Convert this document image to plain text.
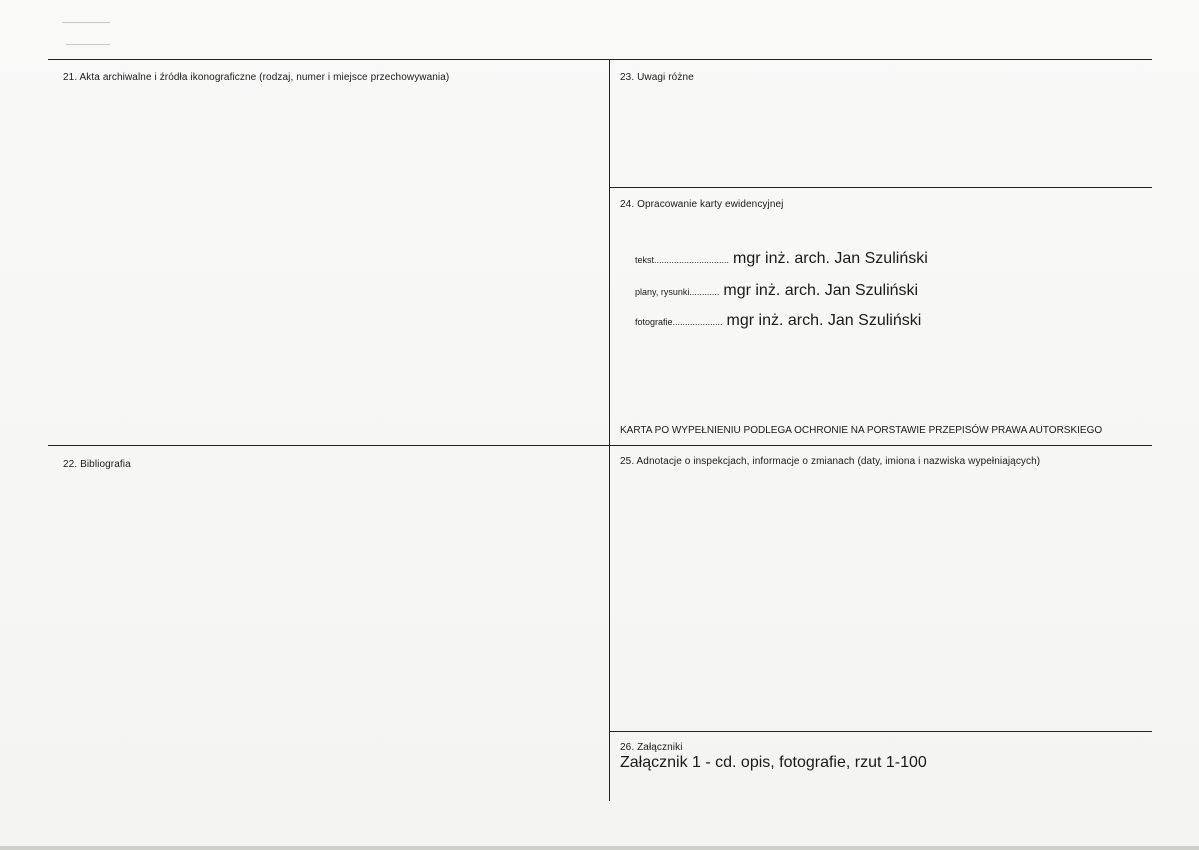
21. Akta archiwalne i źródła ikonograficzne (rodzaj, numer i miejsce przechowywania)
22. Bibliografia
23. Uwagi różne
24. Opracowanie karty ewidencyjnej
tekst .............................. mgr inż. arch. Jan Szuliński
plany, rysunki ............ mgr inż. arch. Jan Szuliński
fotografie .................... mgr inż. arch. Jan Szuliński
KARTA PO WYPEŁNIENIU PODLEGA OCHRONIE NA PORSTAWIE PRZEPISÓW PRAWA AUTORSKIEGO
25. Adnotacje o inspekcjach, informacje o zmianach (daty, imiona i nazwiska wypełniających)
26. Załączniki
Załącznik 1 - cd. opis, fotografie, rzut 1-100
